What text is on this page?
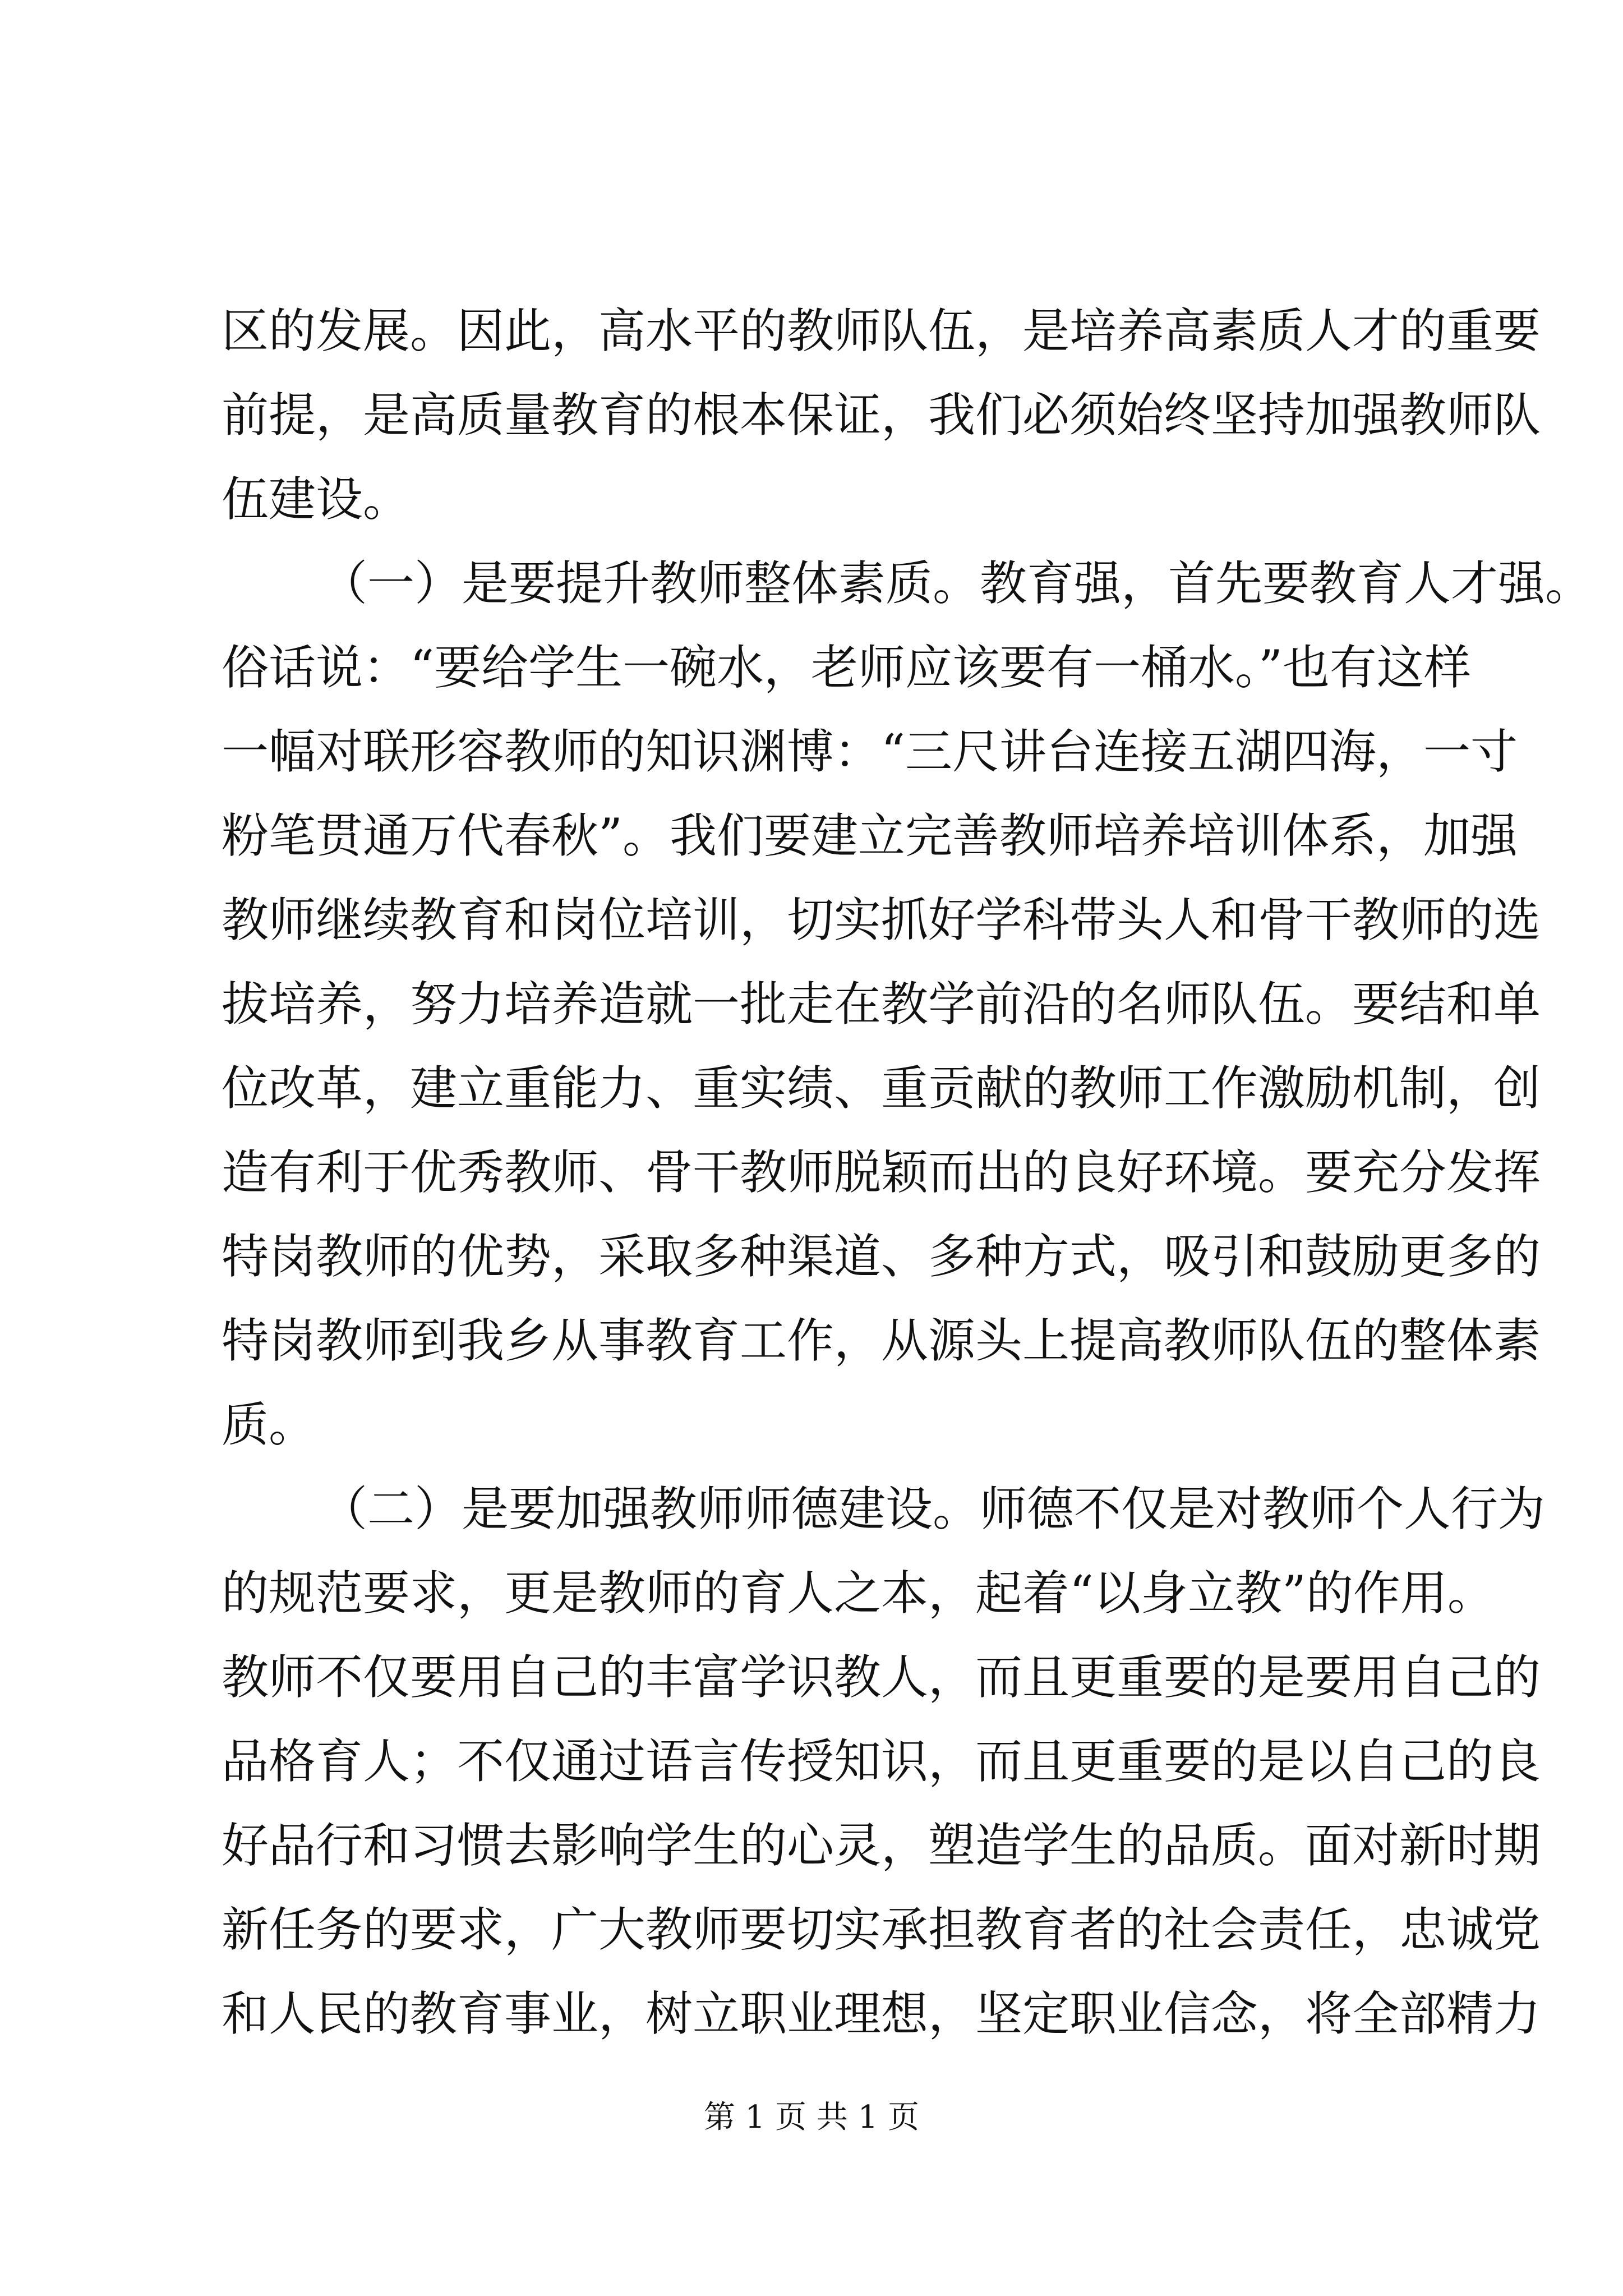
区的发展。因此，高水平的教师队伍，是培养高素质人才的重要
前提，是高质量教育的根本保证，我们必须始终坚持加强教师队
伍建设。
（一）是要提升教师整体素质。教育强，首先要教育人才强。
俗话说：“要给学生一碗水，老师应该要有一桶水。”也有这样
一幅对联形容教师的知识渊博：“三尺讲台连接五湖四海，一寸
粉笔贯通万代春秋”。我们要建立完善教师培养培训体系，加强
教师继续教育和岗位培训，切实抓好学科带头人和骨干教师的选
拔培养，努力培养造就一批走在教学前沿的名师队伍。要结和单
位改革，建立重能力、重实绩、重贡献的教师工作激励机制，创
造有利于优秀教师、骨干教师脱颖而出的良好环境。要充分发挥
特岗教师的优势，采取多种渠道、多种方式，吸引和鼓励更多的
特岗教师到我乡从事教育工作，从源头上提高教师队伍的整体素
质。
（二）是要加强教师师德建设。师德不仅是对教师个人行为
的规范要求，更是教师的育人之本，起着“以身立教”的作用。
教师不仅要用自己的丰富学识教人，而且更重要的是要用自己的
品格育人；不仅通过语言传授知识，而且更重要的是以自己的良
好品行和习惯去影响学生的心灵，塑造学生的品质。面对新时期
新任务的要求，广大教师要切实承担教育者的社会责任，忠诚党
和人民的教育事业，树立职业理想，坚定职业信念，将全部精力
第 1 页 共 1 页
